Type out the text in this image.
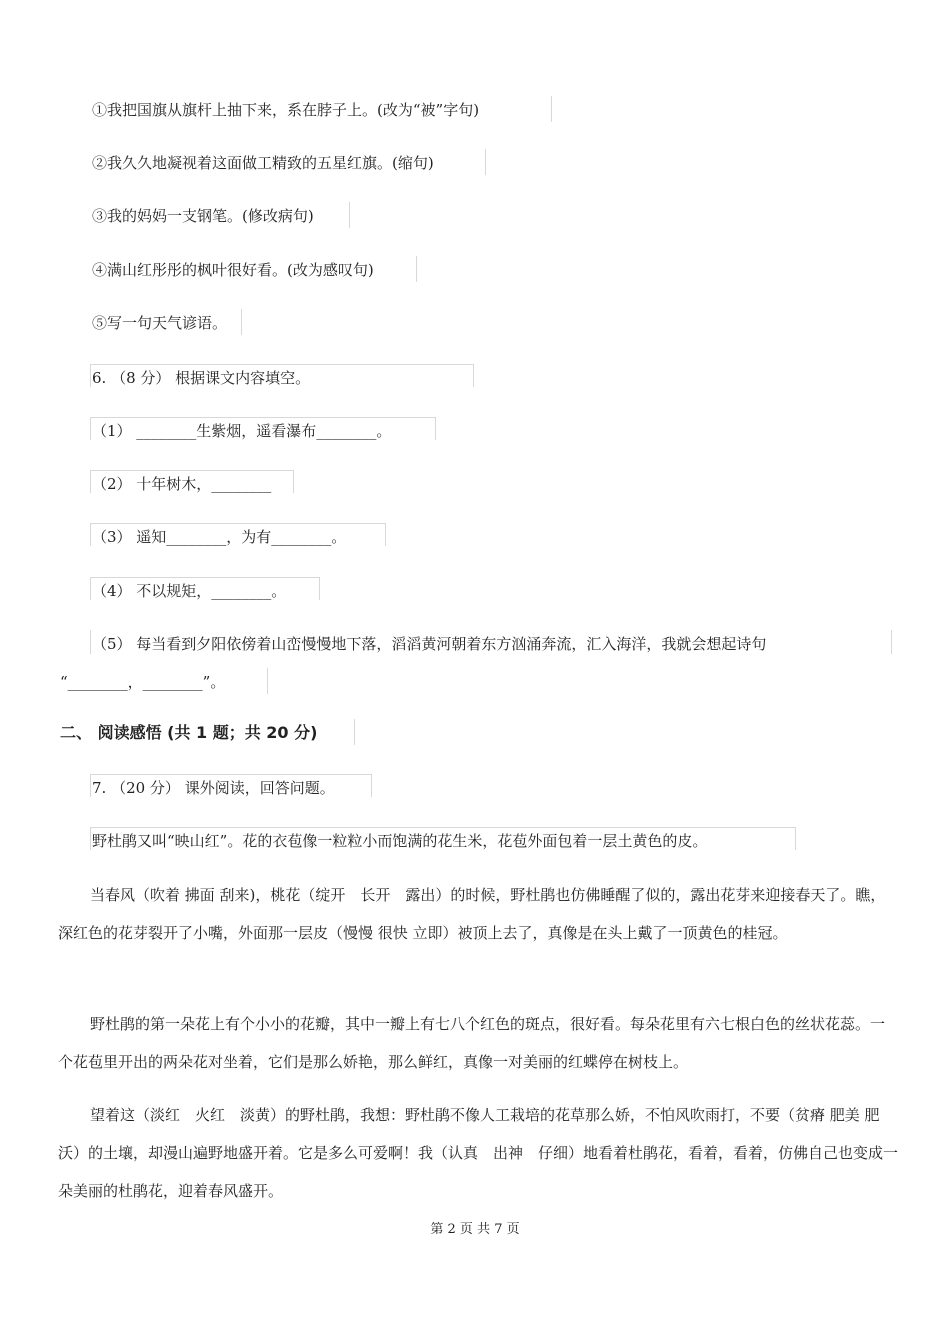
①我把国旗从旗杆上抽下来，系在脖子上。(改为“被”字句)
②我久久地凝视着这面做工精致的五星红旗。(缩句)
③我的妈妈一支钢笔。(修改病句)
④满山红彤彤的枫叶很好看。(改为感叹句)
⑤写一句天气谚语。
6. （8 分） 根据课文内容填空。
（1） ________生紫烟，遥看瀑布________。
（2） 十年树木，________
（3） 遥知________，为有________。
（4） 不以规矩，________。
（5） 每当看到夕阳依傍着山峦慢慢地下落，滔滔黄河朝着东方汹涌奔流，汇入海洋，我就会想起诗句
“________，________”。
二、 阅读感悟 (共 1 题；共 20 分)
7. （20 分） 课外阅读，回答问题。
野杜鹃又叫“映山红”。花的衣苞像一粒粒小而饱满的花生米，花苞外面包着一层土黄色的皮。
当春风（吹着 拂面 刮来)，桃花（绽开　长开　露出）的时候，野杜鹃也仿佛睡醒了似的，露出花芽来迎接春天了。瞧，深红色的花芽裂开了小嘴，外面那一层皮（慢慢 很快 立即）被顶上去了，真像是在头上戴了一顶黄色的桂冠。
野杜鹃的第一朵花上有个小小的花瓣，其中一瓣上有七八个红色的斑点，很好看。每朵花里有六七根白色的丝状花蕊。一个花苞里开出的两朵花对坐着，它们是那么娇艳，那么鲜红，真像一对美丽的红蝶停在树枝上。
望着这（淡红　火红　淡黄）的野杜鹃，我想：野杜鹃不像人工栽培的花草那么娇，不怕风吹雨打，不要（贫瘠 肥美 肥沃）的土壤，却漫山遍野地盛开着。它是多么可爱啊！我（认真　出神　仔细）地看着杜鹃花，看着，看着，仿佛自己也变成一朵美丽的杜鹃花，迎着春风盛开。
第 2 页 共 7 页
